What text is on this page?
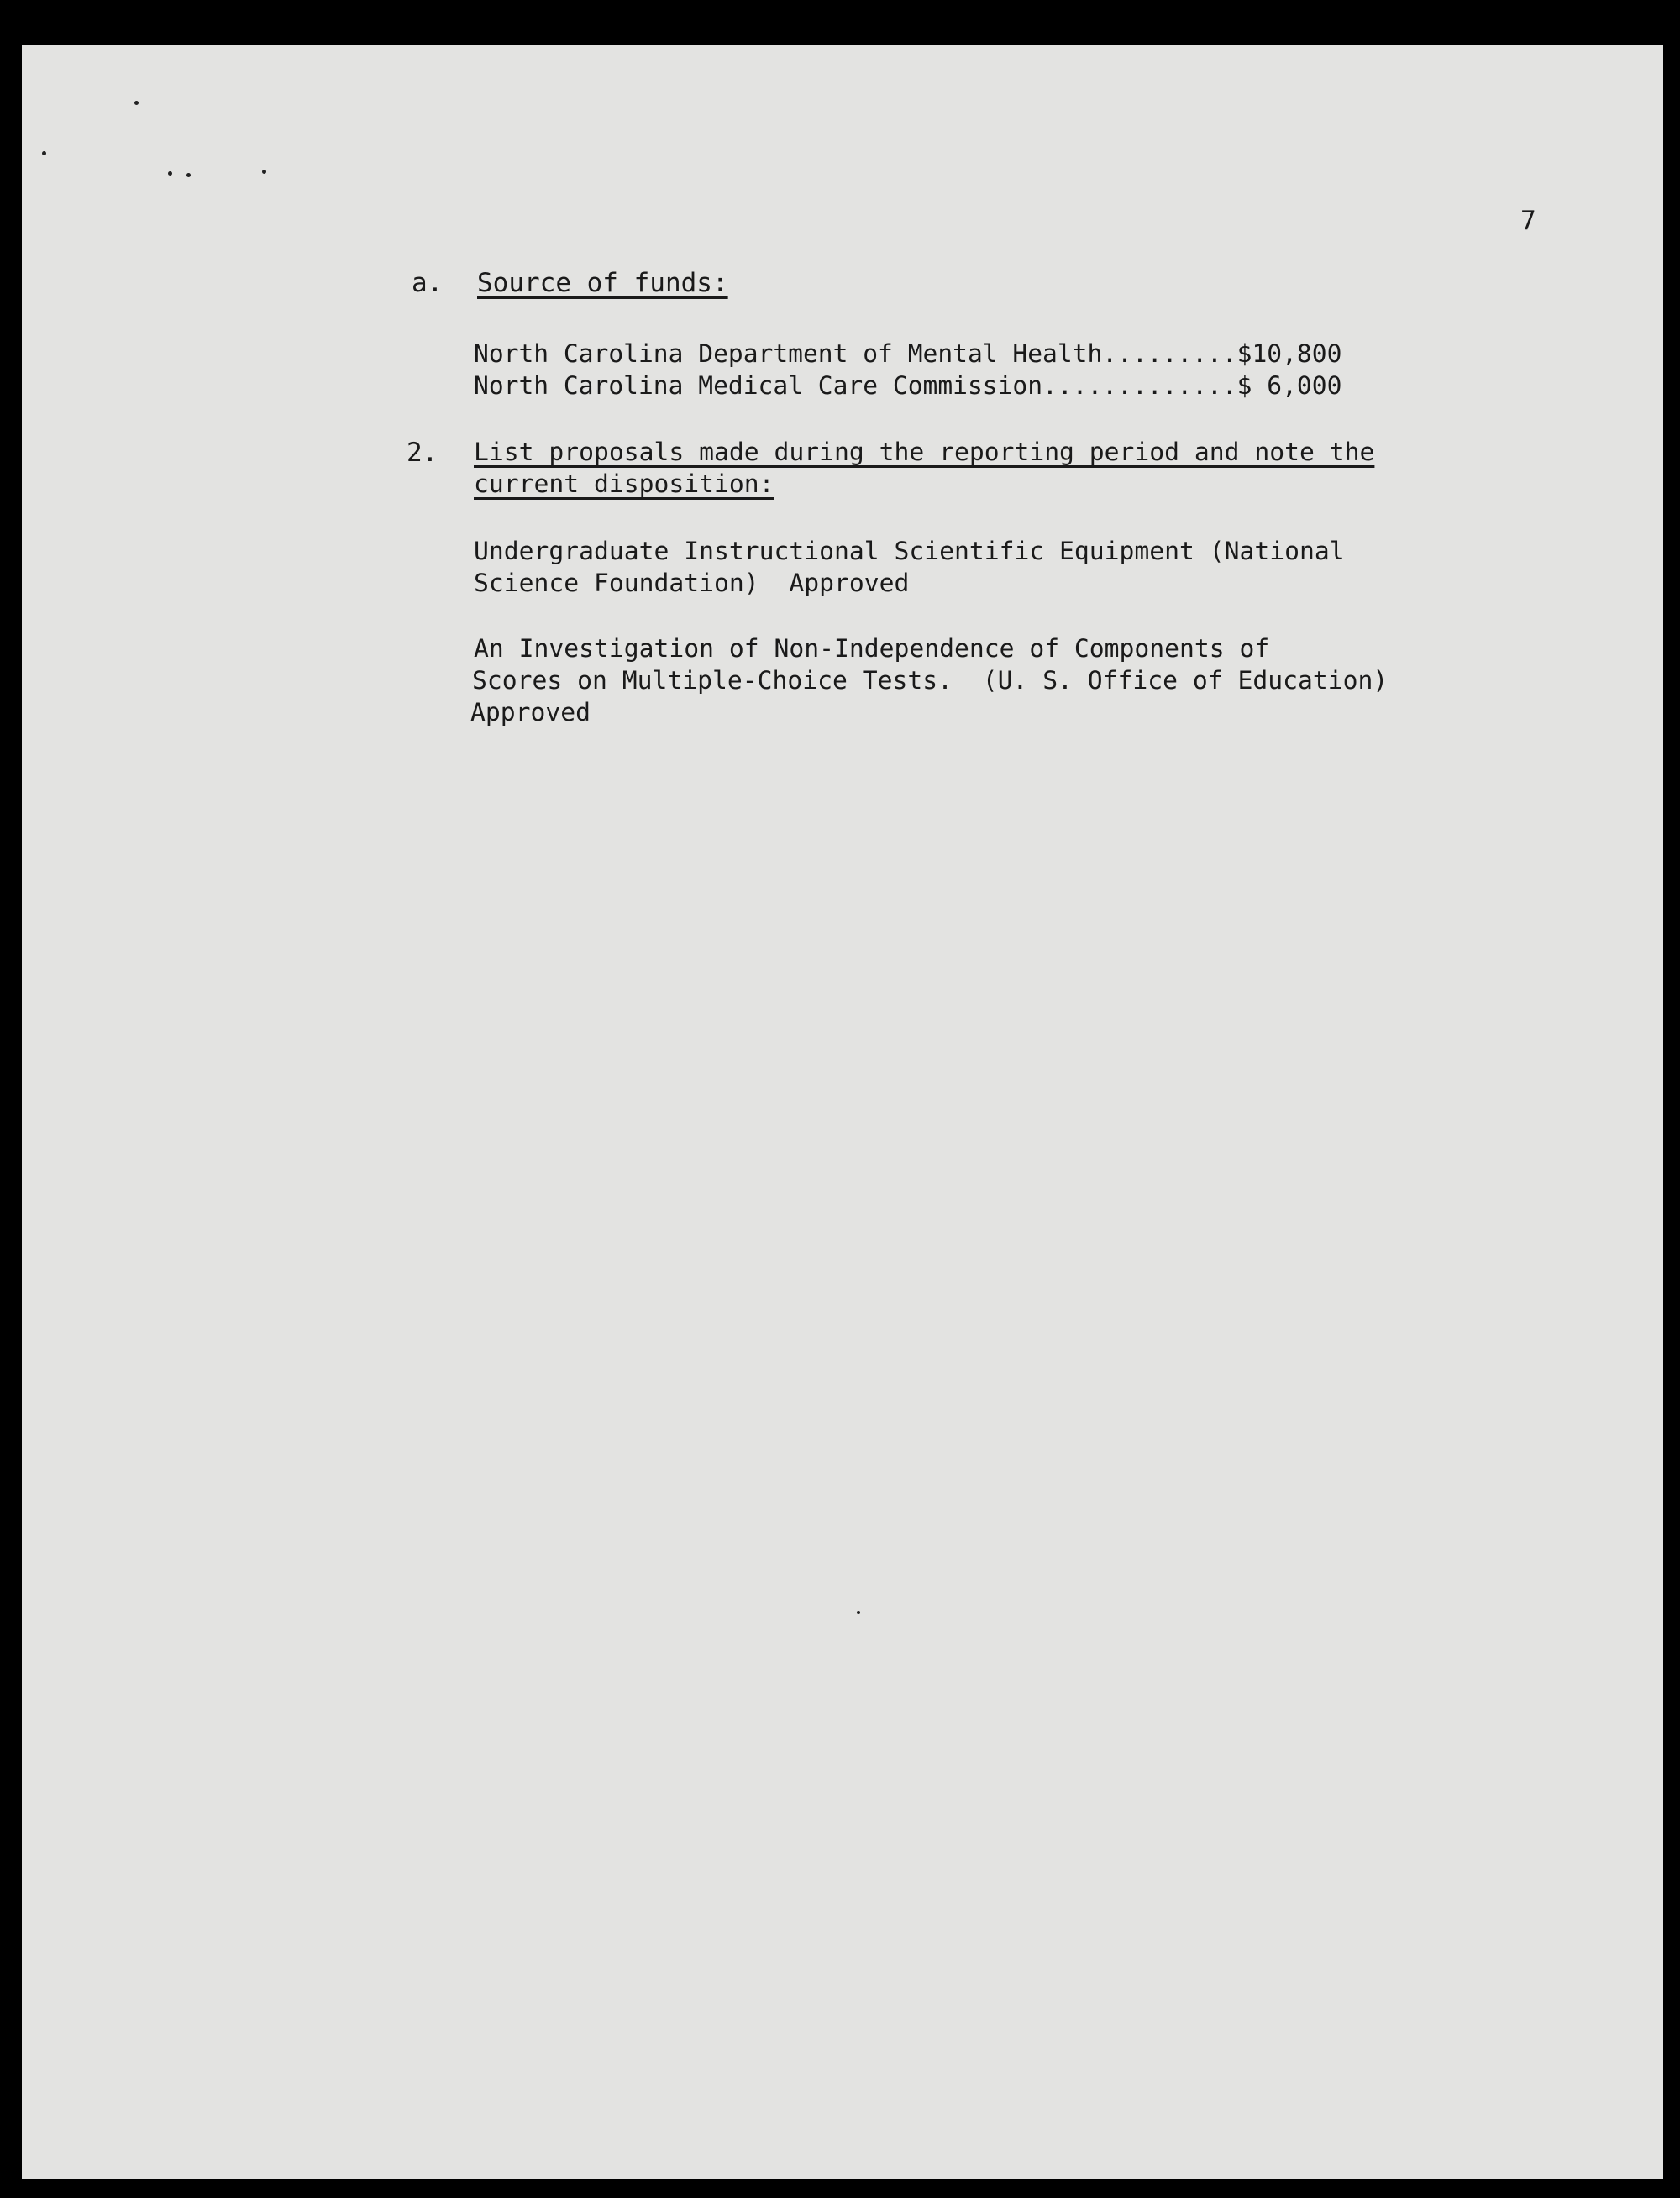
7
a. Source of funds:
North Carolina Department of Mental Health.........$10,800
North Carolina Medical Care Commission.............$ 6,000
2. List proposals made during the reporting period and note the
current disposition:
Undergraduate Instructional Scientific Equipment (National
Science Foundation)  Approved
An Investigation of Non-Independence of Components of
Scores on Multiple-Choice Tests.  (U. S. Office of Education)
Approved
